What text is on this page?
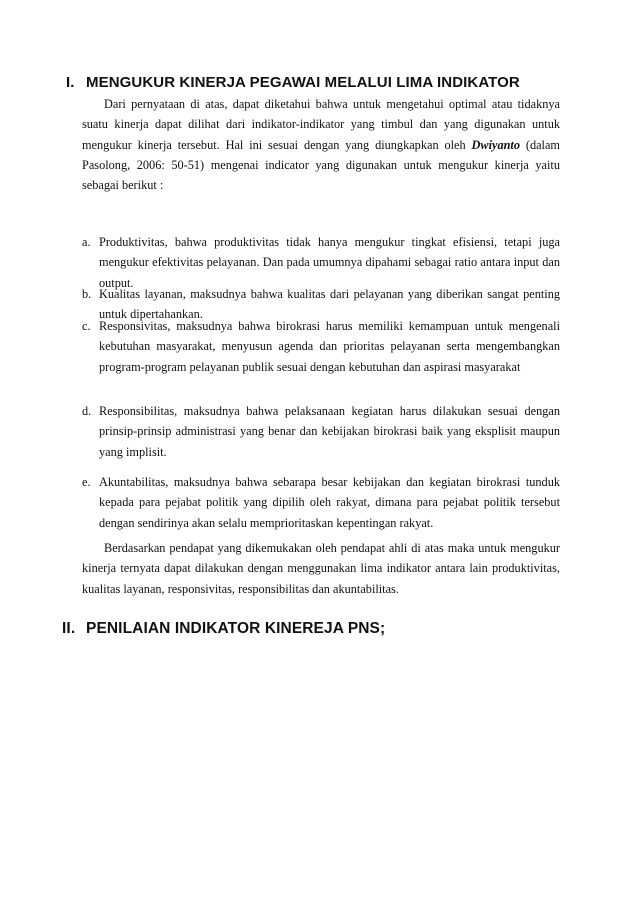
I. MENGUKUR KINERJA PEGAWAI MELALUI LIMA INDIKATOR

Dari pernyataan di atas, dapat diketahui bahwa untuk mengetahui optimal atau tidaknya suatu kinerja dapat dilihat dari indikator-indikator yang timbul dan yang digunakan untuk mengukur kinerja tersebut. Hal ini sesuai dengan yang diungkapkan oleh Dwiyanto (dalam Pasolong, 2006: 50-51) mengenai indicator yang digunakan untuk mengukur kinerja yaitu sebagai berikut :

a. Produktivitas, bahwa produktivitas tidak hanya mengukur tingkat efisiensi, tetapi juga mengukur efektivitas pelayanan. Dan pada umumnya dipahami sebagai ratio antara input dan output.
b. Kualitas layanan, maksudnya bahwa kualitas dari pelayanan yang diberikan sangat penting untuk dipertahankan.
c. Responsivitas, maksudnya bahwa birokrasi harus memiliki kemampuan untuk mengenali kebutuhan masyarakat, menyusun agenda dan prioritas pelayanan serta mengembangkan program-program pelayanan publik sesuai dengan kebutuhan dan aspirasi masyarakat
d. Responsibilitas, maksudnya bahwa pelaksanaan kegiatan harus dilakukan sesuai dengan prinsip-prinsip administrasi yang benar dan kebijakan birokrasi baik yang eksplisit maupun yang implisit.
e. Akuntabilitas, maksudnya bahwa sebarapa besar kebijakan dan kegiatan birokrasi tunduk kepada para pejabat politik yang dipilih oleh rakyat, dimana para pejabat politik tersebut dengan sendirinya akan selalu memprioritaskan kepentingan rakyat.

Berdasarkan pendapat yang dikemukakan oleh pendapat ahli di atas maka untuk mengukur kinerja ternyata dapat dilakukan dengan menggunakan lima indikator antara lain produktivitas, kualitas layanan, responsivitas, responsibilitas dan akuntabilitas.

II. PENILAIAN INDIKATOR KINEREJA PNS;
